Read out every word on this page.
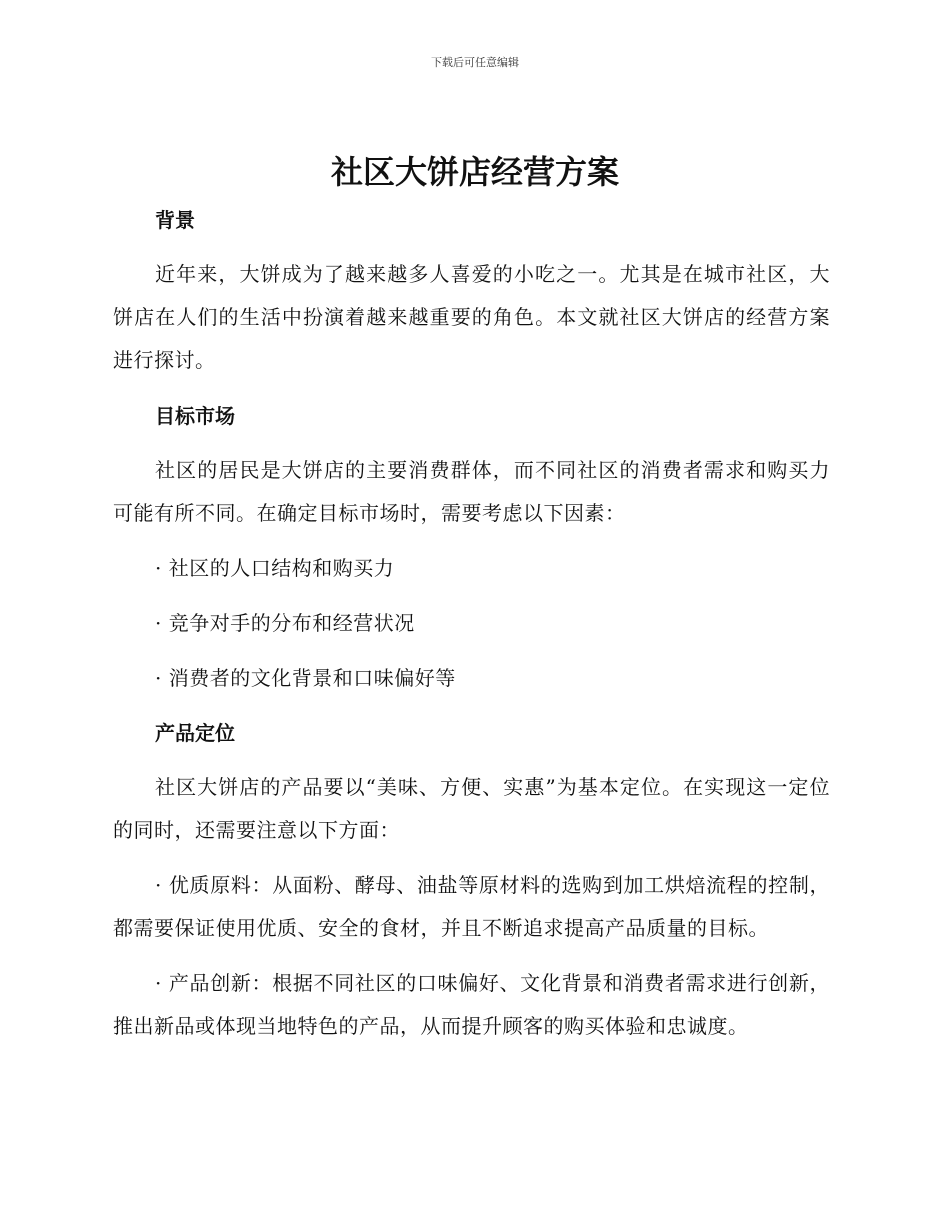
下载后可任意编辑
社区大饼店经营方案
背景

近年来，大饼成为了越来越多人喜爱的小吃之一。尤其是在城市社区，大饼店在人们的生活中扮演着越来越重要的角色。本文就社区大饼店的经营方案进行探讨。

目标市场

社区的居民是大饼店的主要消费群体，而不同社区的消费者需求和购买力可能有所不同。在确定目标市场时，需要考虑以下因素：

· 社区的人口结构和购买力

· 竞争对手的分布和经营状况

· 消费者的文化背景和口味偏好等

产品定位

社区大饼店的产品要以“美味、方便、实惠”为基本定位。在实现这一定位的同时，还需要注意以下方面：

· 优质原料：从面粉、酵母、油盐等原材料的选购到加工烘焙流程的控制，都需要保证使用优质、安全的食材，并且不断追求提高产品质量的目标。

· 产品创新：根据不同社区的口味偏好、文化背景和消费者需求进行创新，推出新品或体现当地特色的产品，从而提升顾客的购买体验和忠诚度。
